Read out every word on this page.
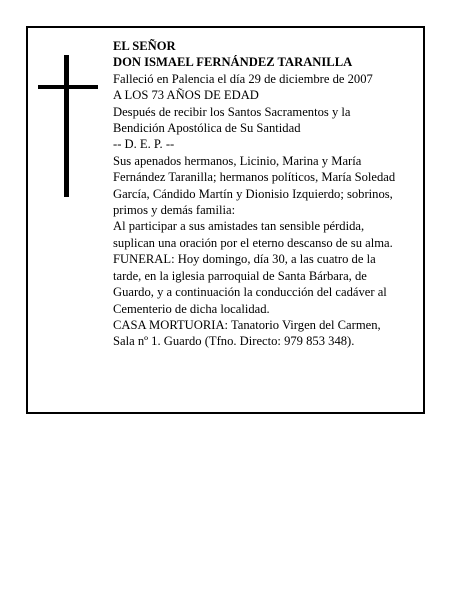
EL SEÑOR
DON ISMAEL FERNÁNDEZ TARANILLA
Falleció en Palencia el día 29 de diciembre de 2007
A LOS 73 AÑOS DE EDAD
Después de recibir los Santos Sacramentos y la
Bendición Apostólica de Su Santidad
-- D. E. P. --
Sus apenados hermanos, Licinio, Marina y María
Fernández Taranilla; hermanos políticos, María Soledad
García, Cándido Martín y Dionisio Izquierdo; sobrinos,
primos y demás familia:
Al participar a sus amistades tan sensible pérdida,
suplican una oración por el eterno descanso de su alma.
FUNERAL: Hoy domingo, día 30, a las cuatro de la
tarde, en la iglesia parroquial de Santa Bárbara, de
Guardo, y a continuación la conducción del cadáver al
Cementerio de dicha localidad.
CASA MORTUORIA: Tanatorio Virgen del Carmen,
Sala nº 1. Guardo (Tfno. Directo: 979 853 348).
